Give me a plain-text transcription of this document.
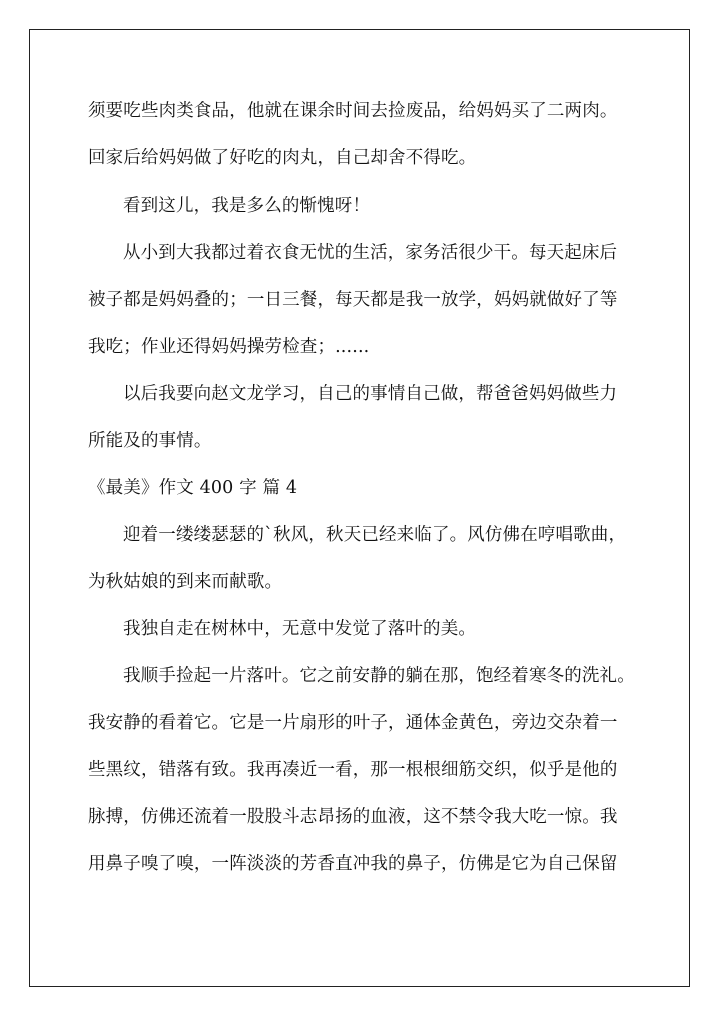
须要吃些肉类食品，他就在课余时间去捡废品，给妈妈买了二两肉。
回家后给妈妈做了好吃的肉丸，自己却舍不得吃。
看到这儿，我是多么的惭愧呀！
从小到大我都过着衣食无忧的生活，家务活很少干。每天起床后
被子都是妈妈叠的；一日三餐，每天都是我一放学，妈妈就做好了等
我吃；作业还得妈妈操劳检查；......
以后我要向赵文龙学习，自己的事情自己做，帮爸爸妈妈做些力
所能及的事情。
《最美》作文 400 字 篇 4
迎着一缕缕瑟瑟的`秋风，秋天已经来临了。风仿佛在哼唱歌曲，
为秋姑娘的到来而献歌。
我独自走在树林中，无意中发觉了落叶的美。
我顺手捡起一片落叶。它之前安静的躺在那，饱经着寒冬的洗礼。
我安静的看着它。它是一片扇形的叶子，通体金黄色，旁边交杂着一
些黑纹，错落有致。我再凑近一看，那一根根细筋交织，似乎是他的
脉搏，仿佛还流着一股股斗志昂扬的血液，这不禁令我大吃一惊。我
用鼻子嗅了嗅，一阵淡淡的芳香直冲我的鼻子，仿佛是它为自己保留
